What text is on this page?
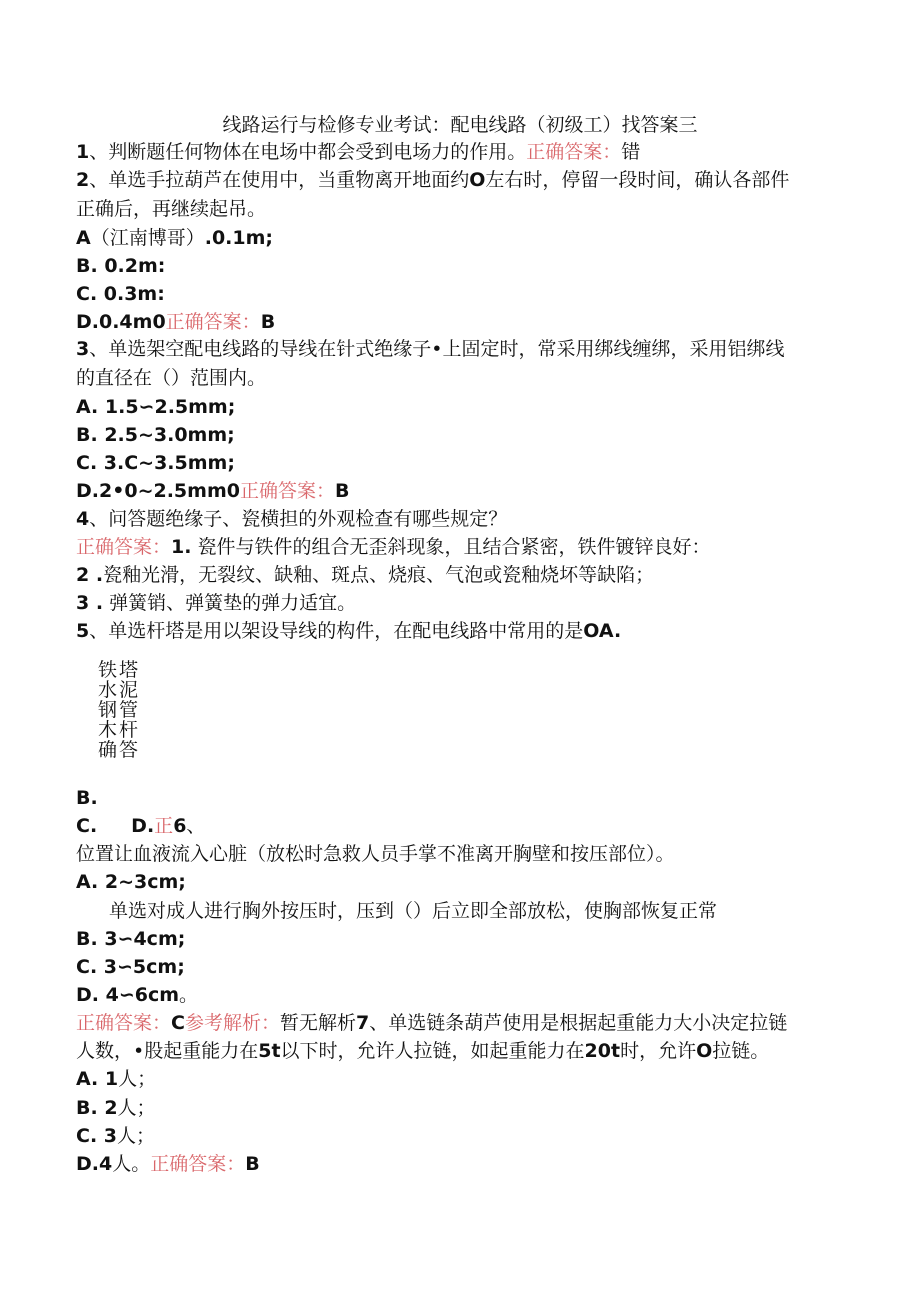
线路运行与检修专业考试：配电线路（初级工）找答案三
1、判断题任何物体在电场中都会受到电场力的作用。正确答案：错
2、单选手拉葫芦在使用中，当重物离开地面约O左右时，停留一段时间，确认各部件
正确后，再继续起吊。
A（江南博哥）.0.1m;
B. 0.2m:
C. 0.3m:
D.0.4m0正确答案：B
3、单选架空配电线路的导线在针式绝缘子•上固定时，常采用绑线缠绑，采用铝绑线
的直径在（）范围内。
A. 1.5∽2.5mm;
B. 2.5~3.0mm;
C. 3.C~3.5mm;
D.2•0~2.5mm0正确答案：B
4、问答题绝缘子、瓷横担的外观检查有哪些规定？
正确答案：1. 瓷件与铁件的组合无歪斜现象，且结合紧密，铁件镀锌良好：
2 .瓷釉光滑，无裂纹、缺釉、斑点、烧痕、气泡或瓷釉烧坏等缺陷；
3 . 弹簧销、弹簧垫的弹力适宜。
5、单选杆塔是用以架设导线的构件，在配电线路中常用的是OA.
铁塔
水泥
钢管
木杆
确答
B.
C. D.正6、
位置让血液流入心脏（放松时急救人员手掌不准离开胸壁和按压部位）。
A. 2~3cm;
单选对成人进行胸外按压时，压到（）后立即全部放松，使胸部恢复正常
B. 3∽4cm;
C. 3∽5cm;
D. 4∽6cm。
正确答案：C参考解析：暂无解析7、单选链条葫芦使用是根据起重能力大小决定拉链
人数，•股起重能力在5t以下时，允许人拉链，如起重能力在20t时，允许O拉链。
A. 1人；
B. 2人；
C. 3人；
D.4人。正确答案：B
